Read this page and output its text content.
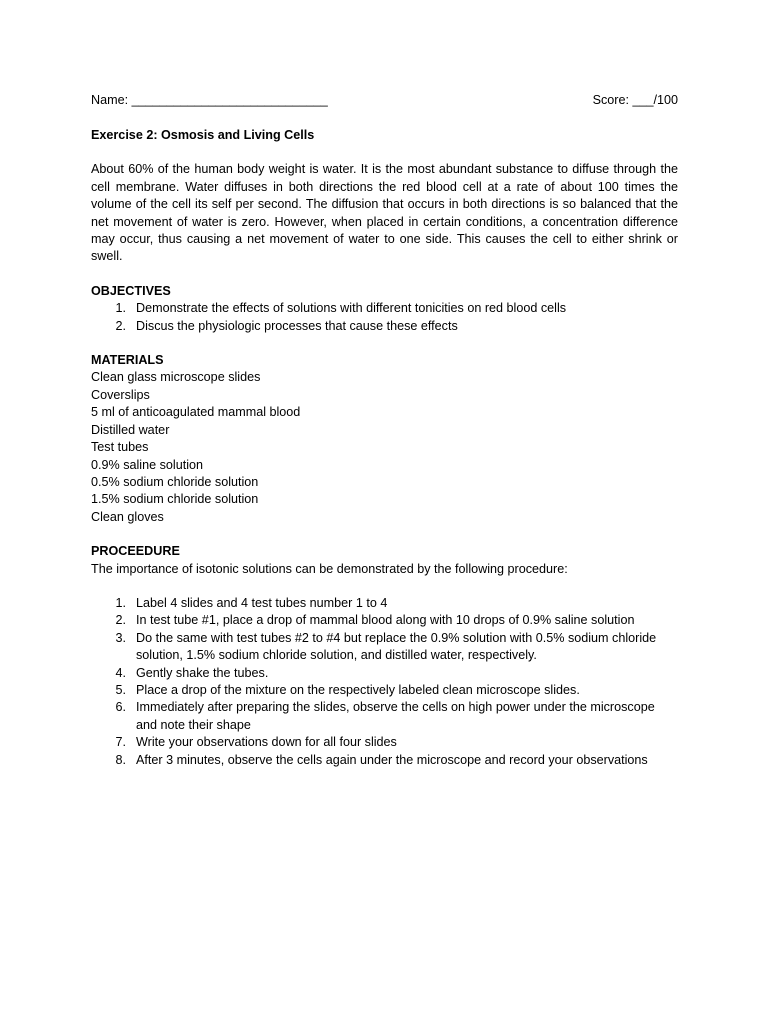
Name: ____________________________	Score: ___/100
Exercise 2: Osmosis and Living Cells
About 60% of the human body weight is water. It is the most abundant substance to diffuse through the cell membrane. Water diffuses in both directions the red blood cell at a rate of about 100 times the volume of the cell its self per second. The diffusion that occurs in both directions is so balanced that the net movement of water is zero. However, when placed in certain conditions, a concentration difference may occur, thus causing a net movement of water to one side. This causes the cell to either shrink or swell.
OBJECTIVES
1. Demonstrate the effects of solutions with different tonicities on red blood cells
2. Discus the physiologic processes that cause these effects
MATERIALS
Clean glass microscope slides
Coverslips
5 ml of anticoagulated mammal blood
Distilled water
Test tubes
0.9% saline solution
0.5% sodium chloride solution
1.5% sodium chloride solution
Clean gloves
PROCEEDURE
The importance of isotonic solutions can be demonstrated by the following procedure:
1. Label 4 slides and 4 test tubes number 1 to 4
2. In test tube #1, place a drop of mammal blood along with 10 drops of 0.9% saline solution
3. Do the same with test tubes #2 to #4 but replace the 0.9% solution with 0.5% sodium chloride solution, 1.5% sodium chloride solution, and distilled water, respectively.
4. Gently shake the tubes.
5. Place a drop of the mixture on the respectively labeled clean microscope slides.
6. Immediately after preparing the slides, observe the cells on high power under the microscope and note their shape
7. Write your observations down for all four slides
8. After 3 minutes, observe the cells again under the microscope and record your observations
